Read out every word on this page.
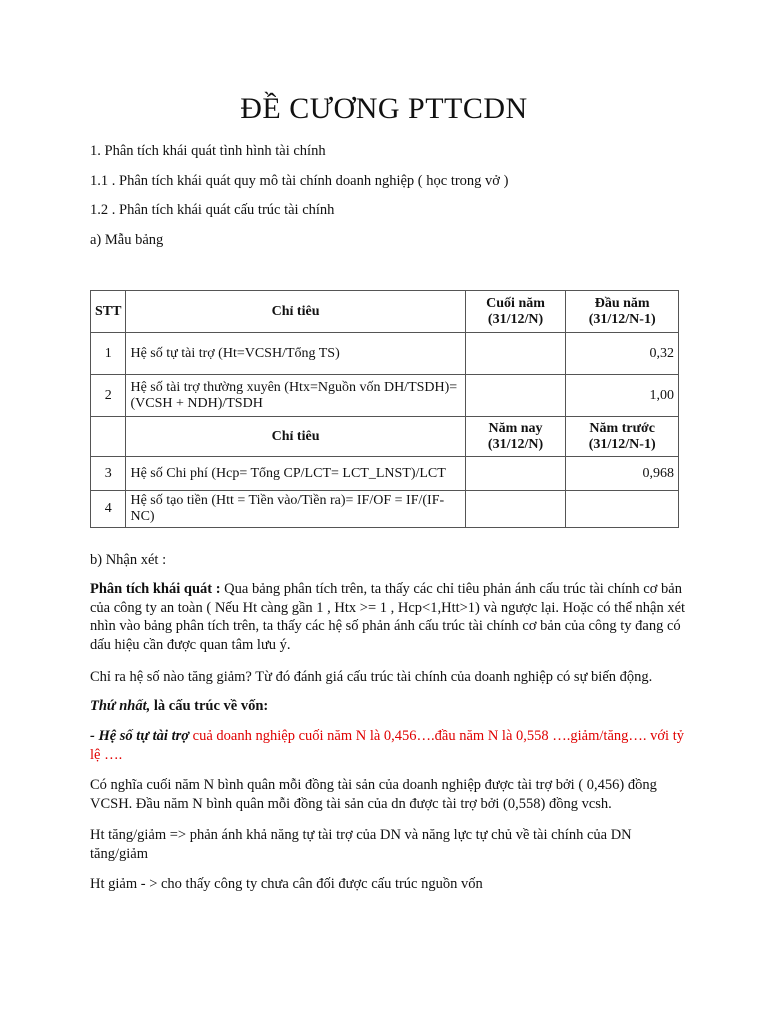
ĐỀ CƯƠNG PTTCDN
1. Phân tích khái quát tình hình tài chính
1.1 . Phân tích khái quát quy mô tài chính doanh nghiệp ( học trong vở )
1.2 . Phân tích khái quát cấu trúc tài chính
a) Mẫu bảng
STT	Chỉ tiêu	Cuối năm (31/12/N)	Đầu năm (31/12/N-1)
1	Hệ số tự tài trợ (Ht=VCSH/Tổng TS)		0,32
2	Hệ số tài trợ thường xuyên (Htx=Nguồn vốn DH/TSDH)=(VCSH + NDH)/TSDH		1,00
	Chỉ tiêu	Năm nay (31/12/N)	Năm trước (31/12/N-1)
3	Hệ số Chi phí (Hcp= Tổng CP/LCT= LCT_LNST)/LCT		0,968
4	Hệ số tạo tiền (Htt = Tiền vào/Tiền ra)= IF/OF = IF/(IF-NC)		
b) Nhận xét :
Phân tích khái quát : Qua bảng phân tích trên, ta thấy các chỉ tiêu phản ánh cấu trúc tài chính cơ bản của công ty an toàn ( Nếu Ht càng gần 1 , Htx >= 1 , Hcp<1,Htt>1) và ngược lại. Hoặc có thể nhận xét nhìn vào bảng phân tích trên, ta thấy các hệ số phản ánh cấu trúc tài chính cơ bản của công ty đang có dấu hiệu cần được quan tâm lưu ý.
Chỉ ra hệ số nào tăng giảm? Từ đó đánh giá cấu trúc tài chính của doanh nghiệp có sự biến động.
Thứ nhất, là cấu trúc về vốn:
- Hệ số tự tài trợ cuả doanh nghiệp cuối năm N là 0,456….đầu năm N là 0,558 ….giảm/tăng…. với tỷ lệ ….
Có nghĩa cuối năm N bình quân mỗi đồng tài sản của doanh nghiệp được tài trợ bởi ( 0,456) đồng VCSH. Đầu năm N bình quân mỗi đồng tài sản của dn được tài trợ bởi (0,558) đồng vcsh.
Ht tăng/giảm => phản ánh khả năng tự tài trợ của DN và năng lực tự chủ về tài chính của DN tăng/giảm
Ht giảm - > cho thấy công ty chưa cân đối được cấu trúc nguồn vốn
